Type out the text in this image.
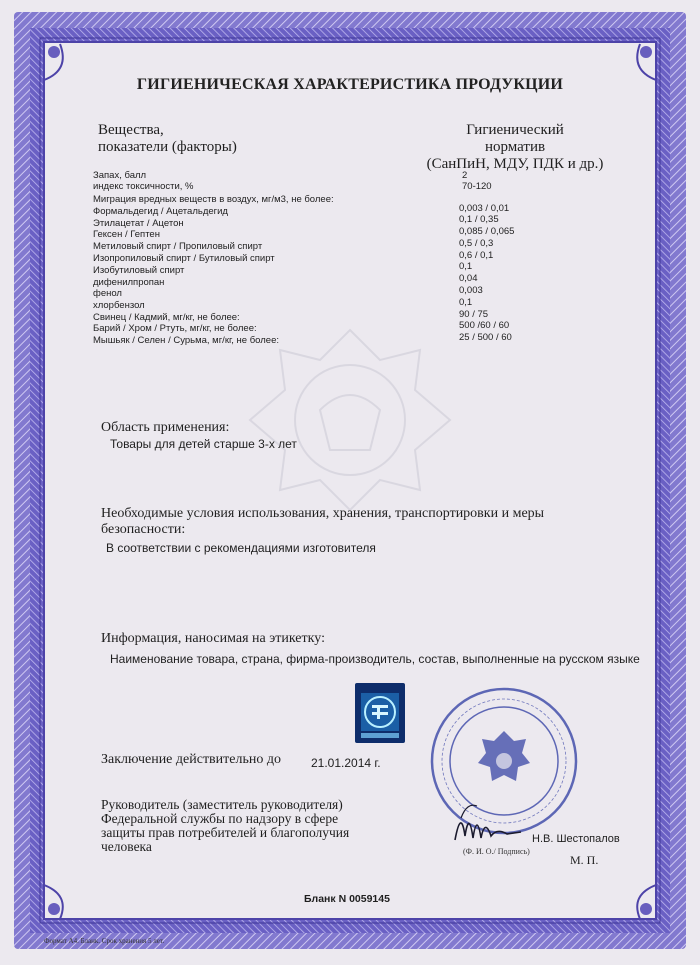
ГИГИЕНИЧЕСКАЯ ХАРАКТЕРИСТИКА ПРОДУКЦИИ
Вещества,
показатели (факторы)
Гигиенический
норматив
(СанПиН, МДУ, ПДК и др.)
Запах, балл	2
индекс токсичности, %	70-120
Миграция вредных веществ в воздух, мг/м3, не более:
Формальдегид / Ацетальдегид	0,003 / 0,01
Этилацетат / Ацетон	0,1 / 0,35
Гексен / Гептен	0,085 / 0,065
Метиловый спирт / Пропиловый спирт	0,5 / 0,3
Изопропиловый спирт / Бутиловый спирт	0,6 / 0,1
Изобутиловый спирт	0,1
дифенилпропан	0,04
фенол	0,003
хлорбензол	0,1
Свинец / Кадмий, мг/кг, не более:	90 / 75
Барий / Хром / Ртуть, мг/кг, не более:	500 /60 / 60
Мышьяк / Селен / Сурьма, мг/кг, не более:	25 / 500 / 60
Область применения:
Товары для детей старше 3-х лет
Необходимые условия использования, хранения, транспортировки и меры
безопасности:
В соответствии с рекомендациями изготовителя
Информация, наносимая на этикетку:
Наименование товара, страна, фирма-производитель, состав, выполненные на русском языке
Заключение действительно до	21.01.2014 г.
Руководитель (заместитель руководителя)
Федеральной службы по надзору в сфере
защиты прав потребителей и благополучия
человека	Н.В. Шестопалов
(Ф. И. О./ Подпись)
М. П.
Бланк N 0059145
Формат А4. Бланк. Срок хранения 5 лет.
